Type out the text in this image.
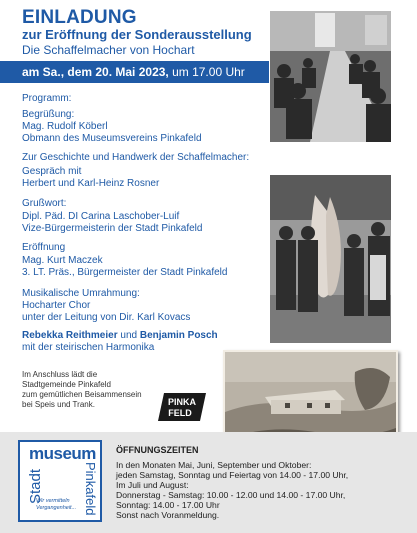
EINLADUNG
zur Eröffnung der Sonderausstellung
Die Schaffelmacher von Hochart
am Sa., dem 20. Mai 2023, um 17.00 Uhr
Programm:
Begrüßung:
Mag. Rudolf Köberl
Obmann des Museumsvereins Pinkafeld
Zur Geschichte und Handwerk der Schaffelmacher:
Gespräch mit
Herbert und Karl-Heinz Rosner
Grußwort:
Dipl. Päd. DI Carina Laschober-Luif
Vize-Bürgermeisterin der Stadt Pinkafeld
Eröffnung
Mag. Kurt Maczek
3. LT. Präs., Bürgermeister der Stadt Pinkafeld
Musikalische Umrahmung:
Hocharter Chor
unter der Leitung von Dir. Karl Kovacs
Rebekka Reithmeier und Benjamin Posch
mit der steirischen Harmonika
Im Anschluss lädt die
Stadtgemeinde Pinkafeld
zum gemütlichen Beisammensein
bei Speis und Trank.	PINKA
FELD
museum
Stadt	Pinkafeld
Wir vermitteln Vergangenheit...
ÖFFNUNGSZEITEN
In den Monaten Mai, Juni, September und Oktober:
jeden Samstag, Sonntag und Feiertag von 14.00 - 17.00 Uhr,
Im Juli und August:
Donnerstag - Samstag: 10.00 - 12.00 und 14.00 - 17.00 Uhr,
Sonntag: 14.00 - 17.00 Uhr
Sonst nach Voranmeldung.
